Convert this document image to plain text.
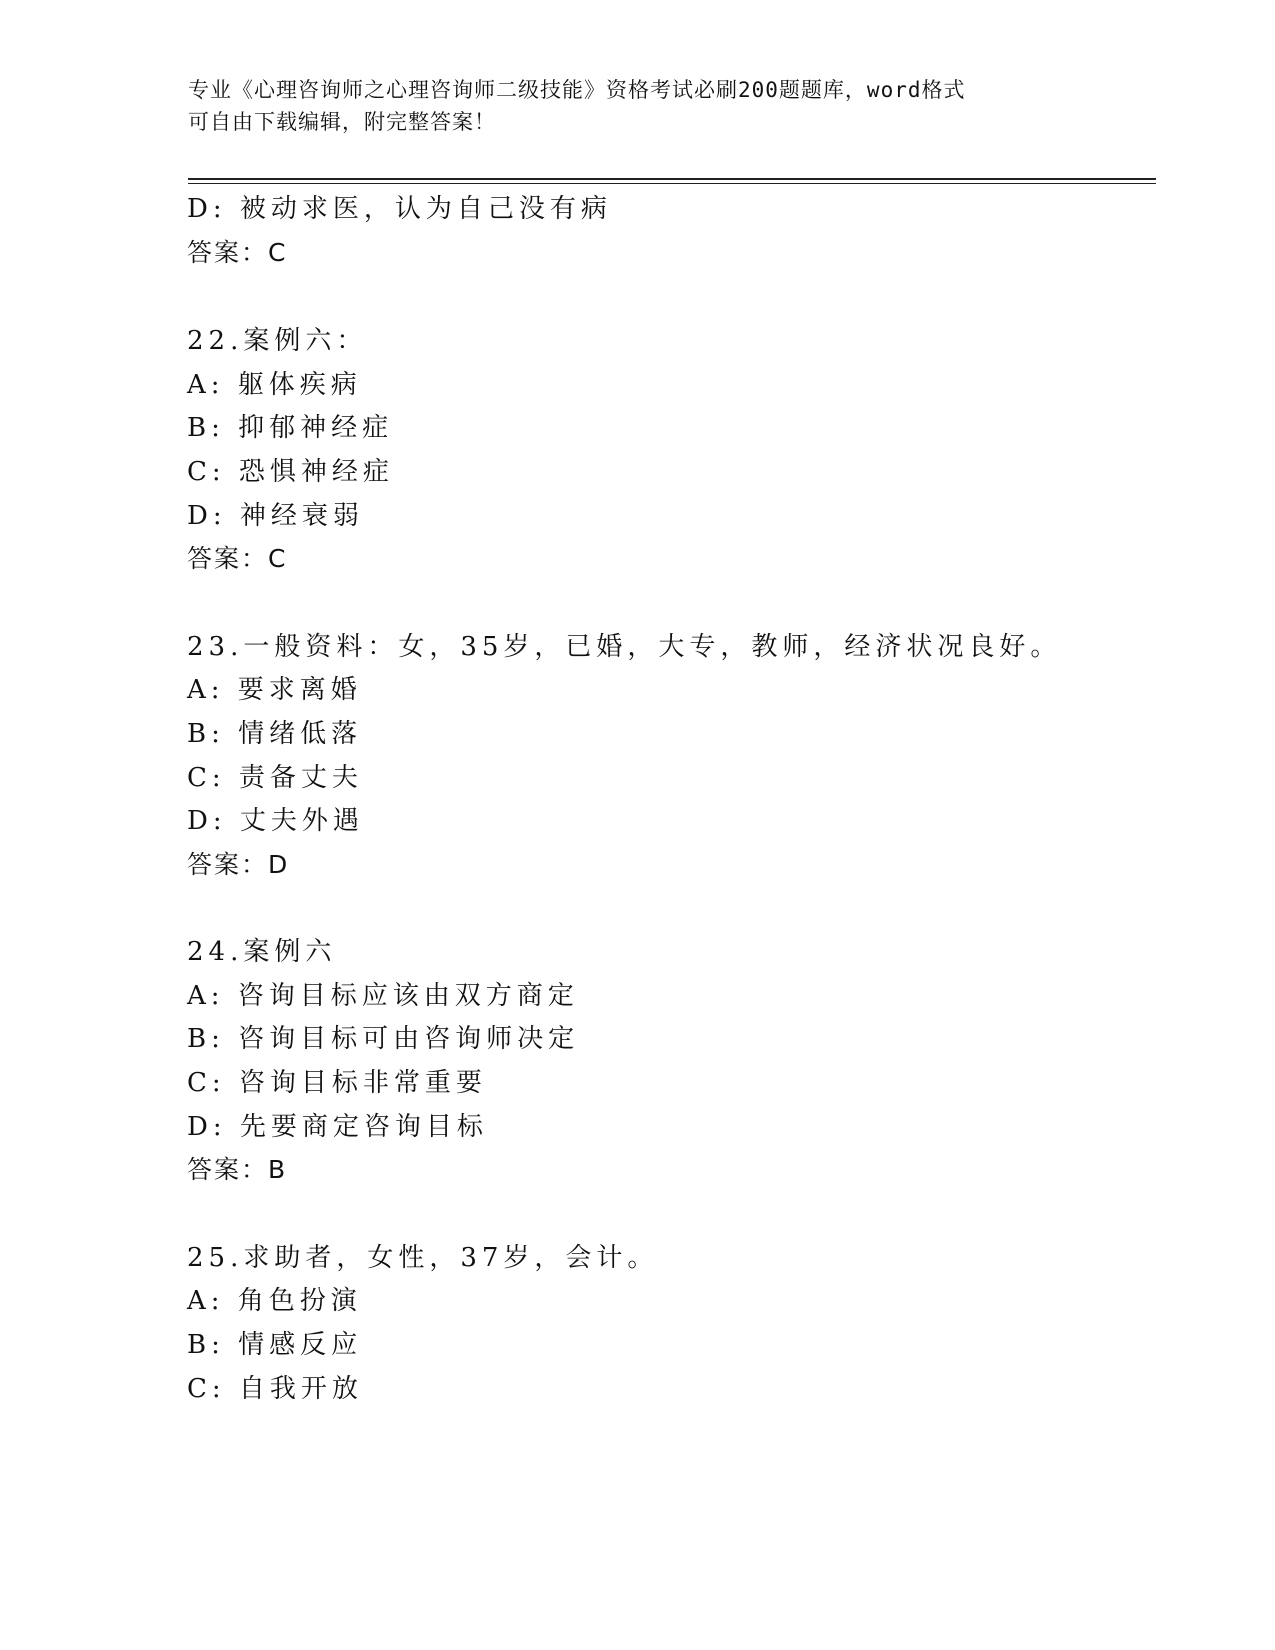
专业《心理咨询师之心理咨询师二级技能》资格考试必刷200题题库，word格式
可自由下载编辑，附完整答案！
D: 被动求医，认为自己没有病
答案：C
22.案例六：
A: 躯体疾病
B: 抑郁神经症
C: 恐惧神经症
D: 神经衰弱
答案：C
23.一般资料：女，35岁，已婚，大专，教师，经济状况良好。
A: 要求离婚
B: 情绪低落
C: 责备丈夫
D: 丈夫外遇
答案：D
24.案例六
A: 咨询目标应该由双方商定
B: 咨询目标可由咨询师决定
C: 咨询目标非常重要
D: 先要商定咨询目标
答案：B
25.求助者，女性，37岁，会计。
A: 角色扮演
B: 情感反应
C: 自我开放
